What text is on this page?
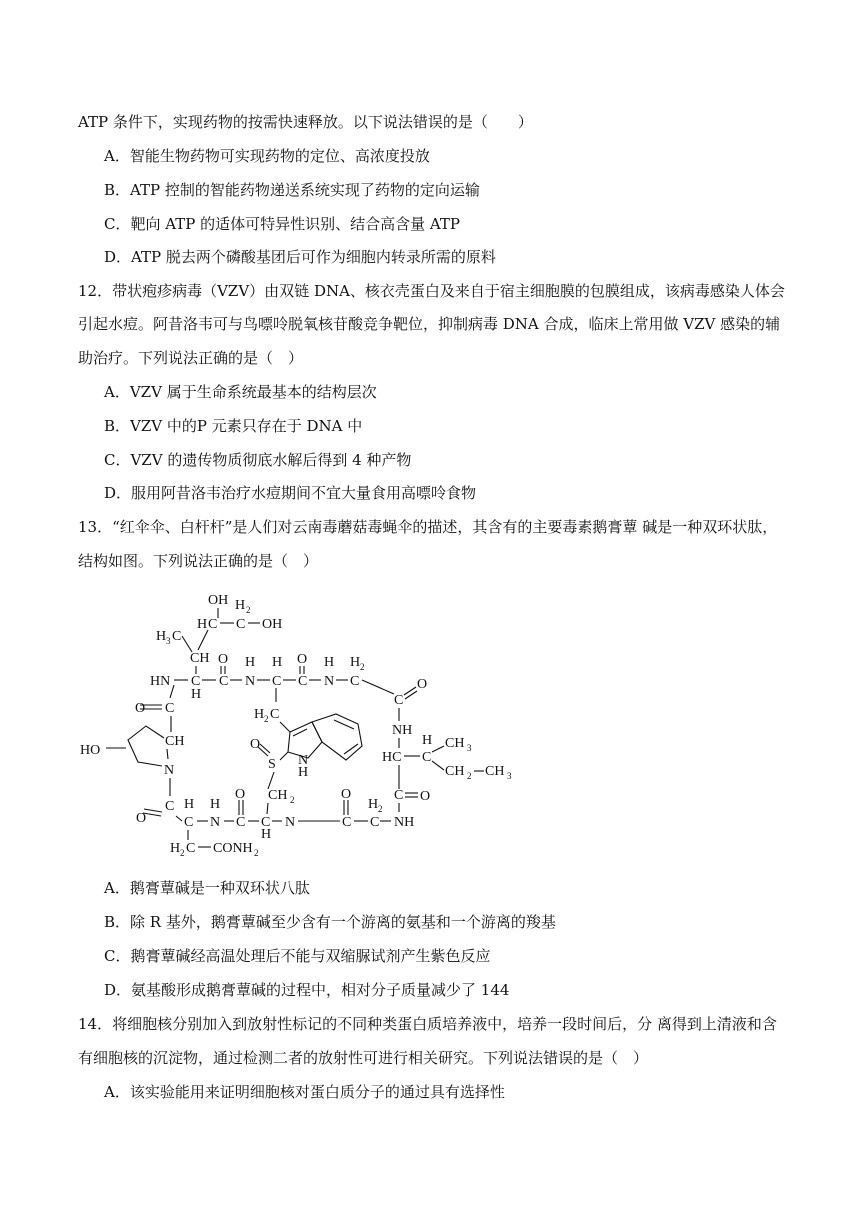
ATP 条件下，实现药物的按需快速释放。以下说法错误的是（　　）
A．智能生物药物可实现药物的定位、高浓度投放
B．ATP 控制的智能药物递送系统实现了药物的定向运输
C．靶向 ATP 的适体可特异性识别、结合高含量 ATP
D．ATP 脱去两个磷酸基团后可作为细胞内转录所需的原料
12．带状疱疹病毒（VZV）由双链 DNA、核衣壳蛋白及来自于宿主细胞膜的包膜组成，该病毒感染人体会
引起水痘。阿昔洛韦可与鸟嘌呤脱氧核苷酸竞争靶位，抑制病毒 DNA 合成，临床上常用做 VZV 感染的辅
助治疗。下列说法正确的是（　）
A．VZV 属于生命系统最基本的结构层次
B．VZV 中的P 元素只存在于 DNA 中
C．VZV 的遗传物质彻底水解后得到 4 种产物
D．服用阿昔洛韦治疗水痘期间不宜大量食用高嘌呤食物
13．“红伞伞、白杆杆”是人们对云南毒蘑菇毒蝇伞的描述，其含有的主要毒素鹅膏蕈 碱是一种双环状肽，
结构如图。下列说法正确的是（　）
OH H 2
H C C OH
H 3 C
CH
HN C
H
C
O
N
H
C
H
C
O
N
H
C
H 2
C
O
NH
HC C
H CH 3
CH 2 CH 3
C O
NH
C
H 2
C
O
N
C
H
C
O
N
H
C
H
H 2 C CONH 2
C
O
CH
N
HO
C
O
H 2 C
N
H
S
O
CH 2
A．鹅膏蕈碱是一种双环状八肽
B．除 R 基外，鹅膏蕈碱至少含有一个游离的氨基和一个游离的羧基
C．鹅膏蕈碱经高温处理后不能与双缩脲试剂产生紫色反应
D．氨基酸形成鹅膏蕈碱的过程中，相对分子质量减少了 144
14．将细胞核分别加入到放射性标记的不同种类蛋白质培养液中，培养一段时间后，分 离得到上清液和含
有细胞核的沉淀物，通过检测二者的放射性可进行相关研究。下列说法错误的是（　）
A．该实验能用来证明细胞核对蛋白质分子的通过具有选择性
